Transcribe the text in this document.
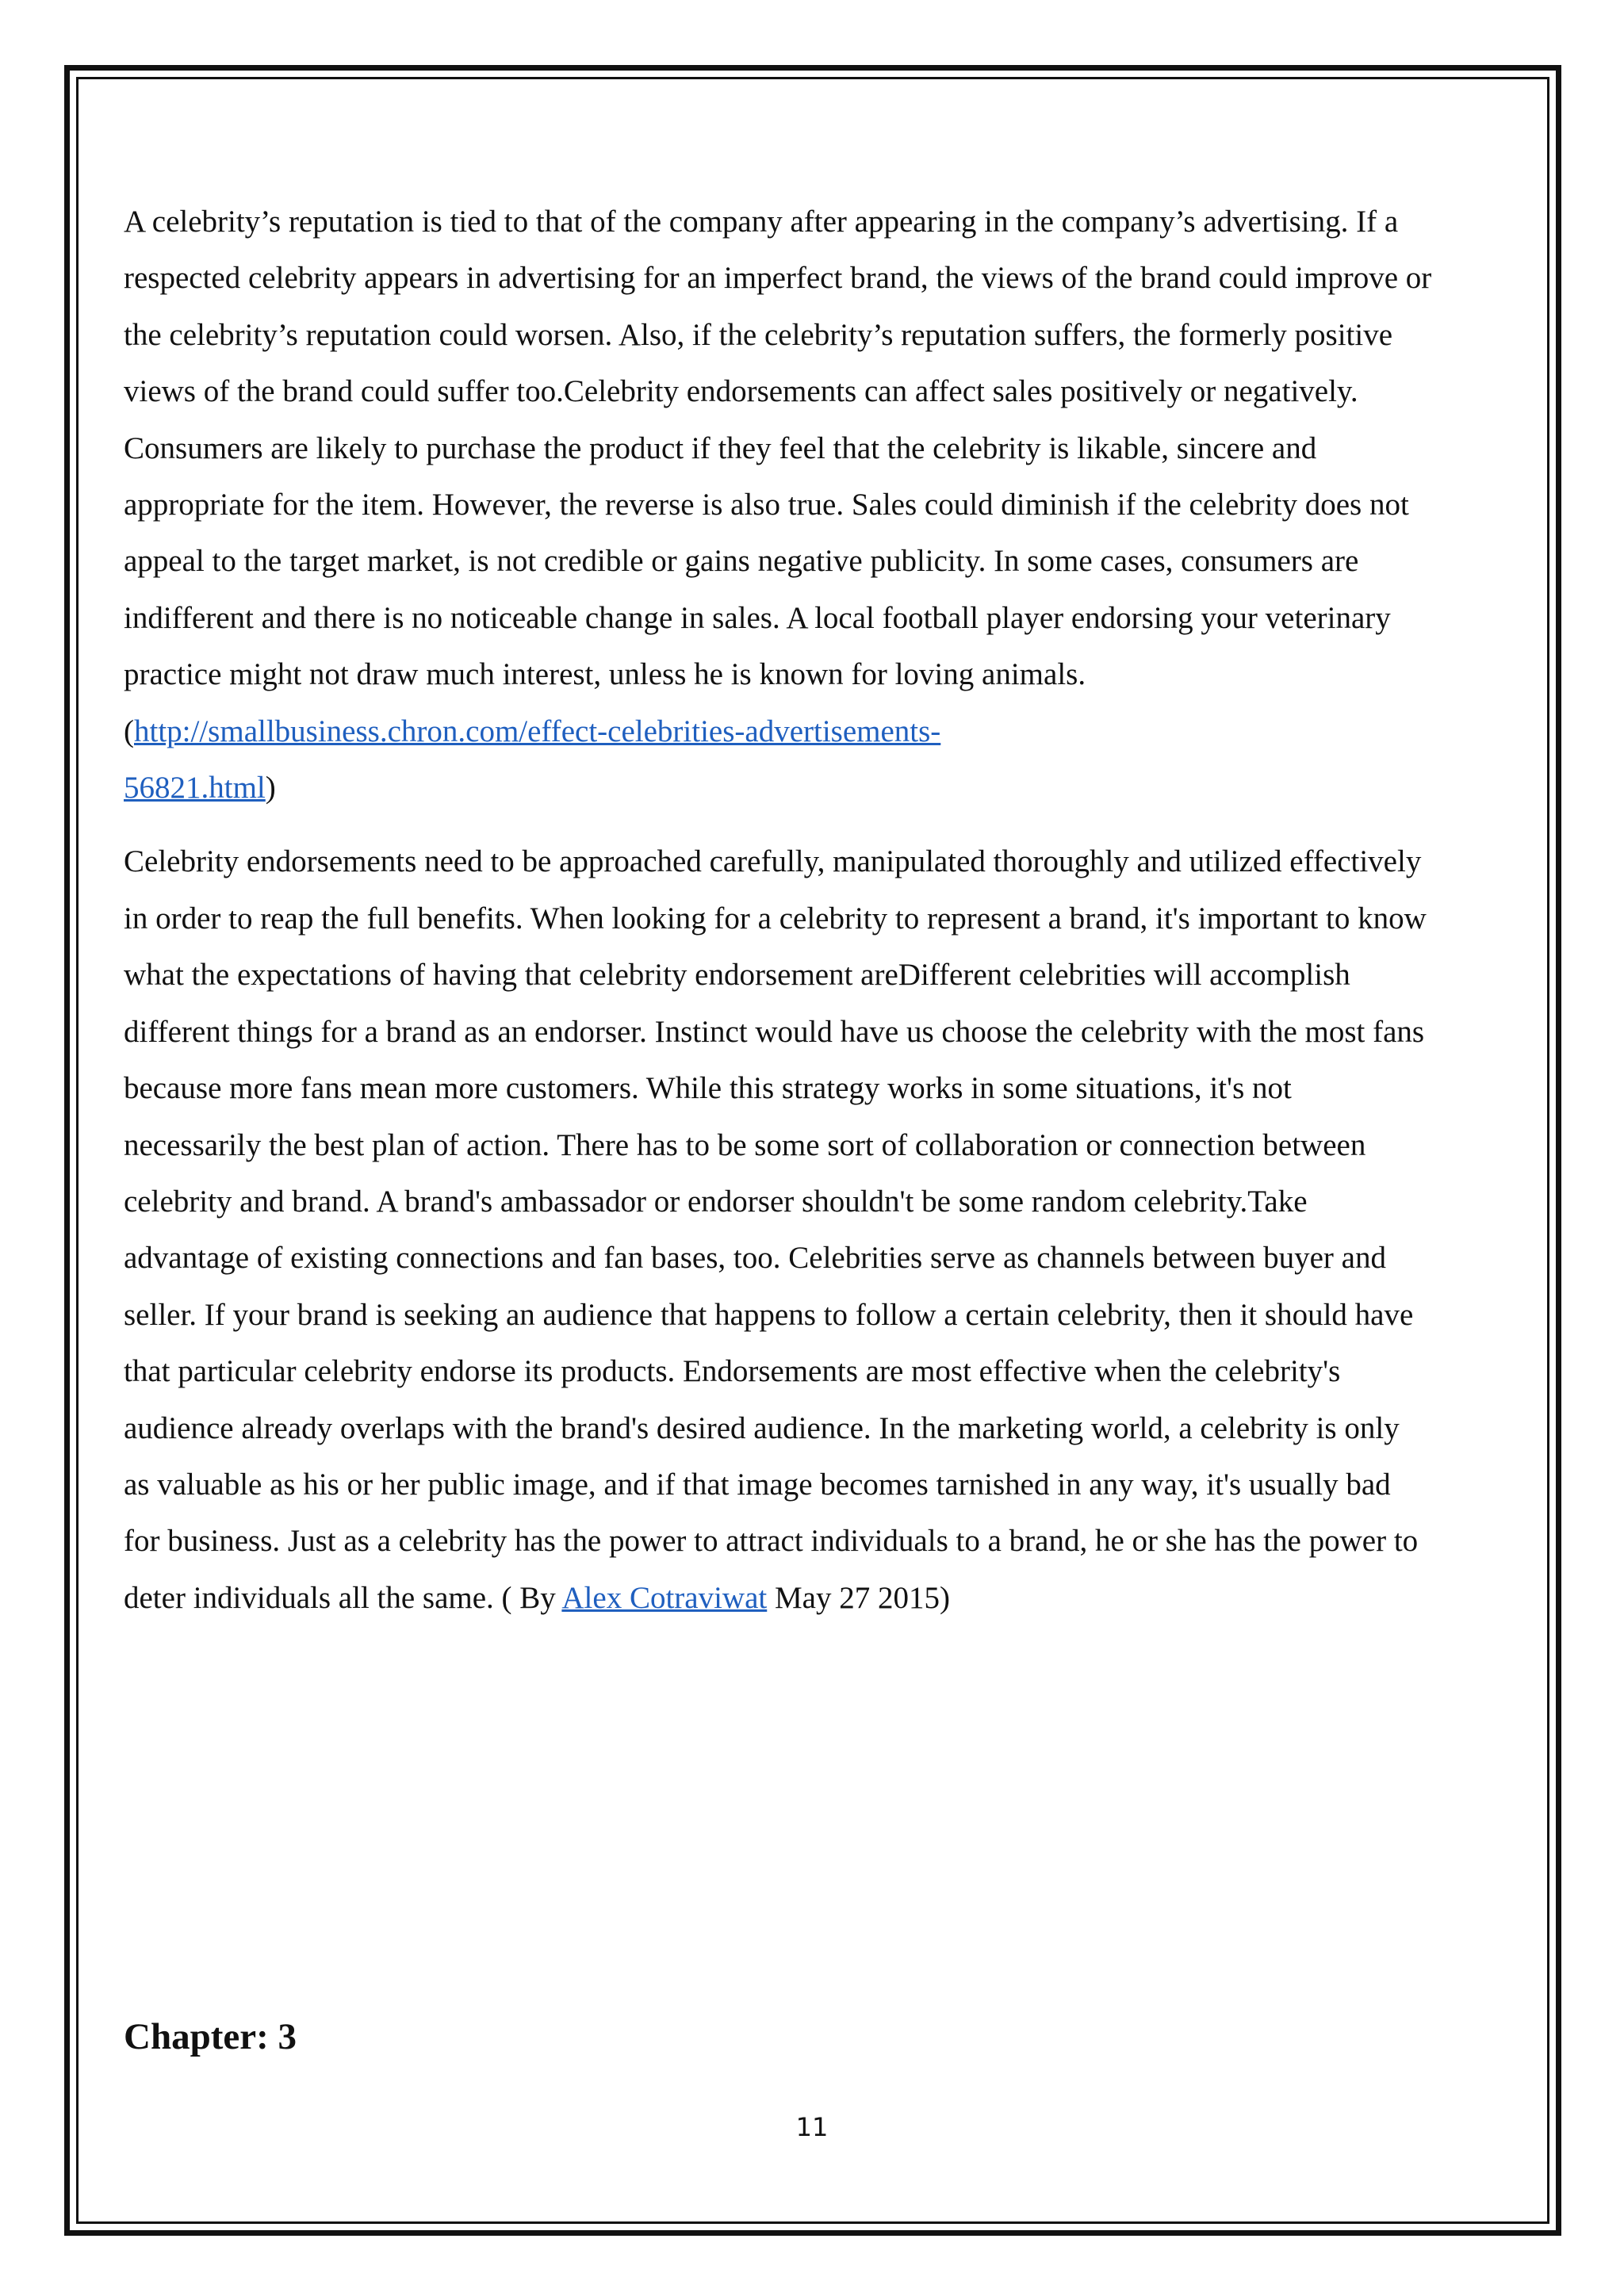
A celebrity’s reputation is tied to that of the company after appearing in the company’s advertising. If a respected celebrity appears in advertising for an imperfect brand, the views of the brand could improve or the celebrity’s reputation could worsen. Also, if the celebrity’s reputation suffers, the formerly positive views of the brand could suffer too.Celebrity endorsements can affect sales positively or negatively. Consumers are likely to purchase the product if they feel that the celebrity is likable, sincere and appropriate for the item. However, the reverse is also true. Sales could diminish if the celebrity does not appeal to the target market, is not credible or gains negative publicity. In some cases, consumers are indifferent and there is no noticeable change in sales. A local football player endorsing your veterinary practice might not draw much interest, unless he is known for loving animals. (http://smallbusiness.chron.com/effect-celebrities-advertisements-
56821.html)

Celebrity endorsements need to be approached carefully, manipulated thoroughly and utilized effectively in order to reap the full benefits. When looking for a celebrity to represent a brand, it's important to know what the expectations of having that celebrity endorsement areDifferent celebrities will accomplish different things for a brand as an endorser. Instinct would have us choose the celebrity with the most fans because more fans mean more customers. While this strategy works in some situations, it's not necessarily the best plan of action. There has to be some sort of collaboration or connection between celebrity and brand. A brand's ambassador or endorser shouldn't be some random celebrity.Take advantage of existing connections and fan bases, too. Celebrities serve as channels between buyer and seller. If your brand is seeking an audience that happens to follow a certain celebrity, then it should have that particular celebrity endorse its products. Endorsements are most effective when the celebrity's audience already overlaps with the brand's desired audience. In the marketing world, a celebrity is only as valuable as his or her public image, and if that image becomes tarnished in any way, it's usually bad for business. Just as a celebrity has the power to attract individuals to a brand, he or she has the power to deter individuals all the same. ( By Alex Cotraviwat May 27 2015)

Chapter: 3
11
